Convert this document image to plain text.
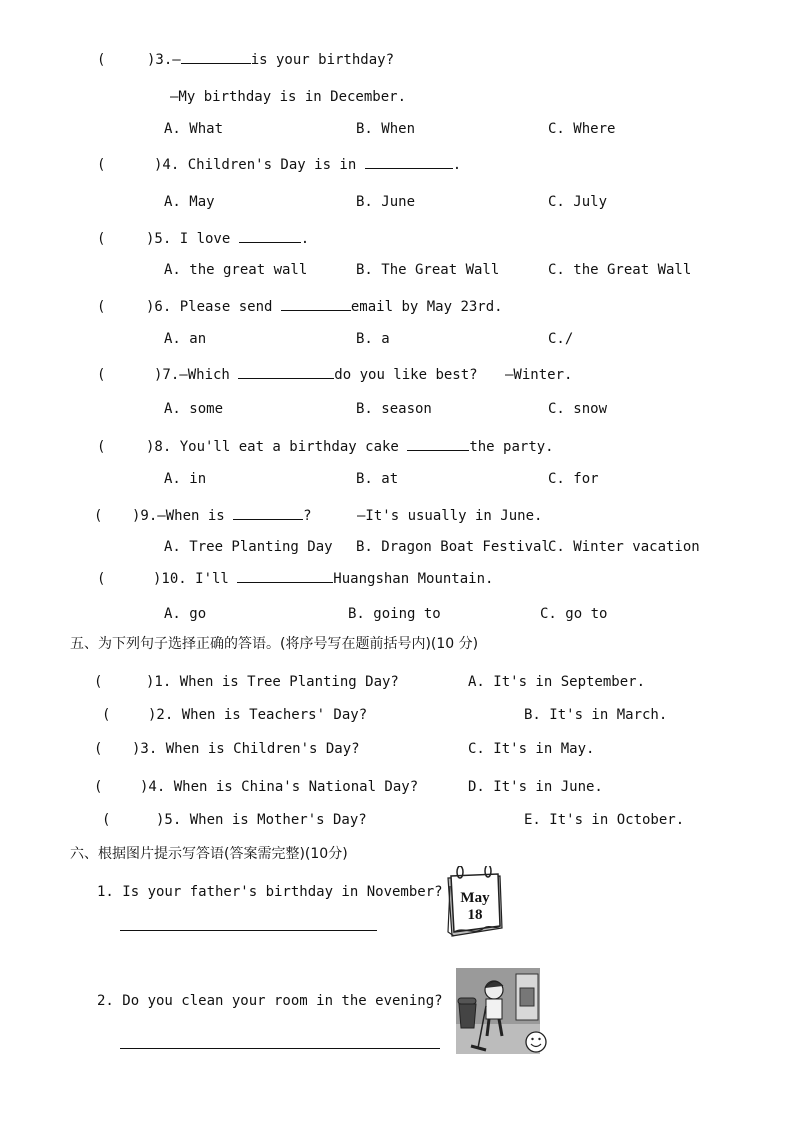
(	)3.—	is your birthday?
—My birthday is in December.
A. What	B. When	C. Where
(	)4. Children's Day is in	.
A. May	B. June	C. July
(	)5. I love	.
A. the great wall	B. The Great Wall	C. the Great Wall
(	)6. Please send	email by May 23rd.
A. an	B. a	C./
(	)7.—Which	do you like best? —Winter.
A. some	B. season	C. snow
(	)8. You'll eat a birthday cake	the party.
A. in	B. at	C. for
( )9.—When is	?	—It's usually in June.
A. Tree Planting Day B. Dragon Boat Festival
C. Winter vacation
(	)10. I'll	Huangshan Mountain.
A. go	B. going to	C. go to
五、为下列句子选择正确的答语。(将序号写在题前括号内)(10 分)
(	)1. When is Tree Planting Day?	A. It's in September.
(	)2. When is Teachers' Day?	B. It's in March.
( )3. When is Children's Day?	C. It's in May.
(	)4. When is China's National Day?	D. It's in June.
(	)5. When is Mother's Day?	E. It's in October.
六、根据图片提示写答语(答案需完整)(10分)
1. Is your father's birthday in November? May
18
2. Do you clean your room in the evening?
